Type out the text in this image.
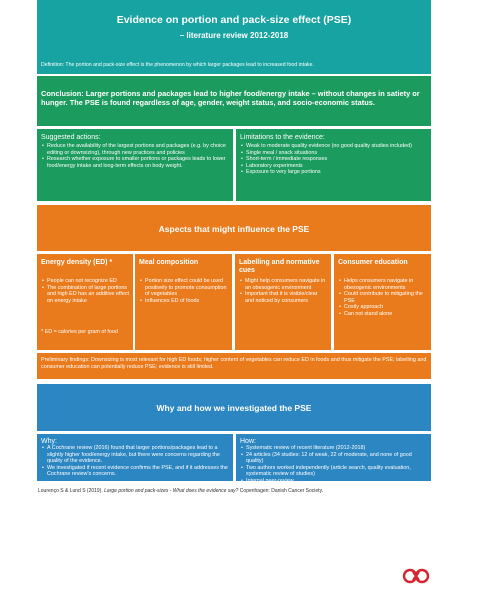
Evidence on portion and pack-size effect (PSE)
– literature review 2012-2018
Definition: The portion and pack-size effect is the phenomenon by which larger packages lead to increased food intake.
Conclusion: Larger portions and packages lead to higher food/energy intake – without changes in satiety or hunger. The PSE is found regardless of age, gender, weight status, and socio-economic status.
Suggested actions:
• Reduce the availability of the largest portions and packages (e.g. by choice editing or downsizing), through new practices and policies
• Research whether exposure to smaller portions or packages leads to lower food/energy intake and long-term effects on body weight.
Limitations to the evidence:
• Weak to moderate quality evidence (no good quality studies included)
• Single meal / snack situations
• Short-term / immediate responses
• Laboratory experiments
• Exposure to very large portions
Aspects that might influence the PSE
Energy density (ED) *
• People can not recognize ED
• The combination of large portions and high ED has an additive effect on energy intake
* ED = calories per gram of food
Meal composition
• Portion size effect could be used positively to promote consumption of vegetables
• Influences ED of foods
Labelling and normative cues
• Might help consumers navigate in an obesogenic environment
• Important that it is visible/clear and noticed by consumers
Consumer education
• Helps consumers navigate in obesogenic environments
• Could contribute to mitigating the PSE
• Costly approach
• Can not stand alone
Preliminary findings: Downsizing is most relevant for high ED foods; higher content of vegetables can reduce ED in foods and thus mitigate the PSE; labelling and consumer education can potentially reduce PSE; evidence is still limited.
Why and how we investigated the PSE
Why:
• A Cochrane review (2016) found that larger portions/packages lead to a slightly higher food/energy intake, but there were concerns regarding the quality of the evidence.
• We investigated if recent evidence confirms the PSE, and if it addresses the Cochrane review's concerns.
How:
• Systematic review of recent literature (2012-2018)
• 24 articles (34 studies: 12 of weak, 22 of moderate, and none of good quality)
• Two authors worked independently (article search, quality evaluation, systematic review of studies)
• Internal peer-review
Lourenço S & Lund S (2019). Large portion and pack-sizes - What does the evidence say? Copenhagen: Danish Cancer Society.
